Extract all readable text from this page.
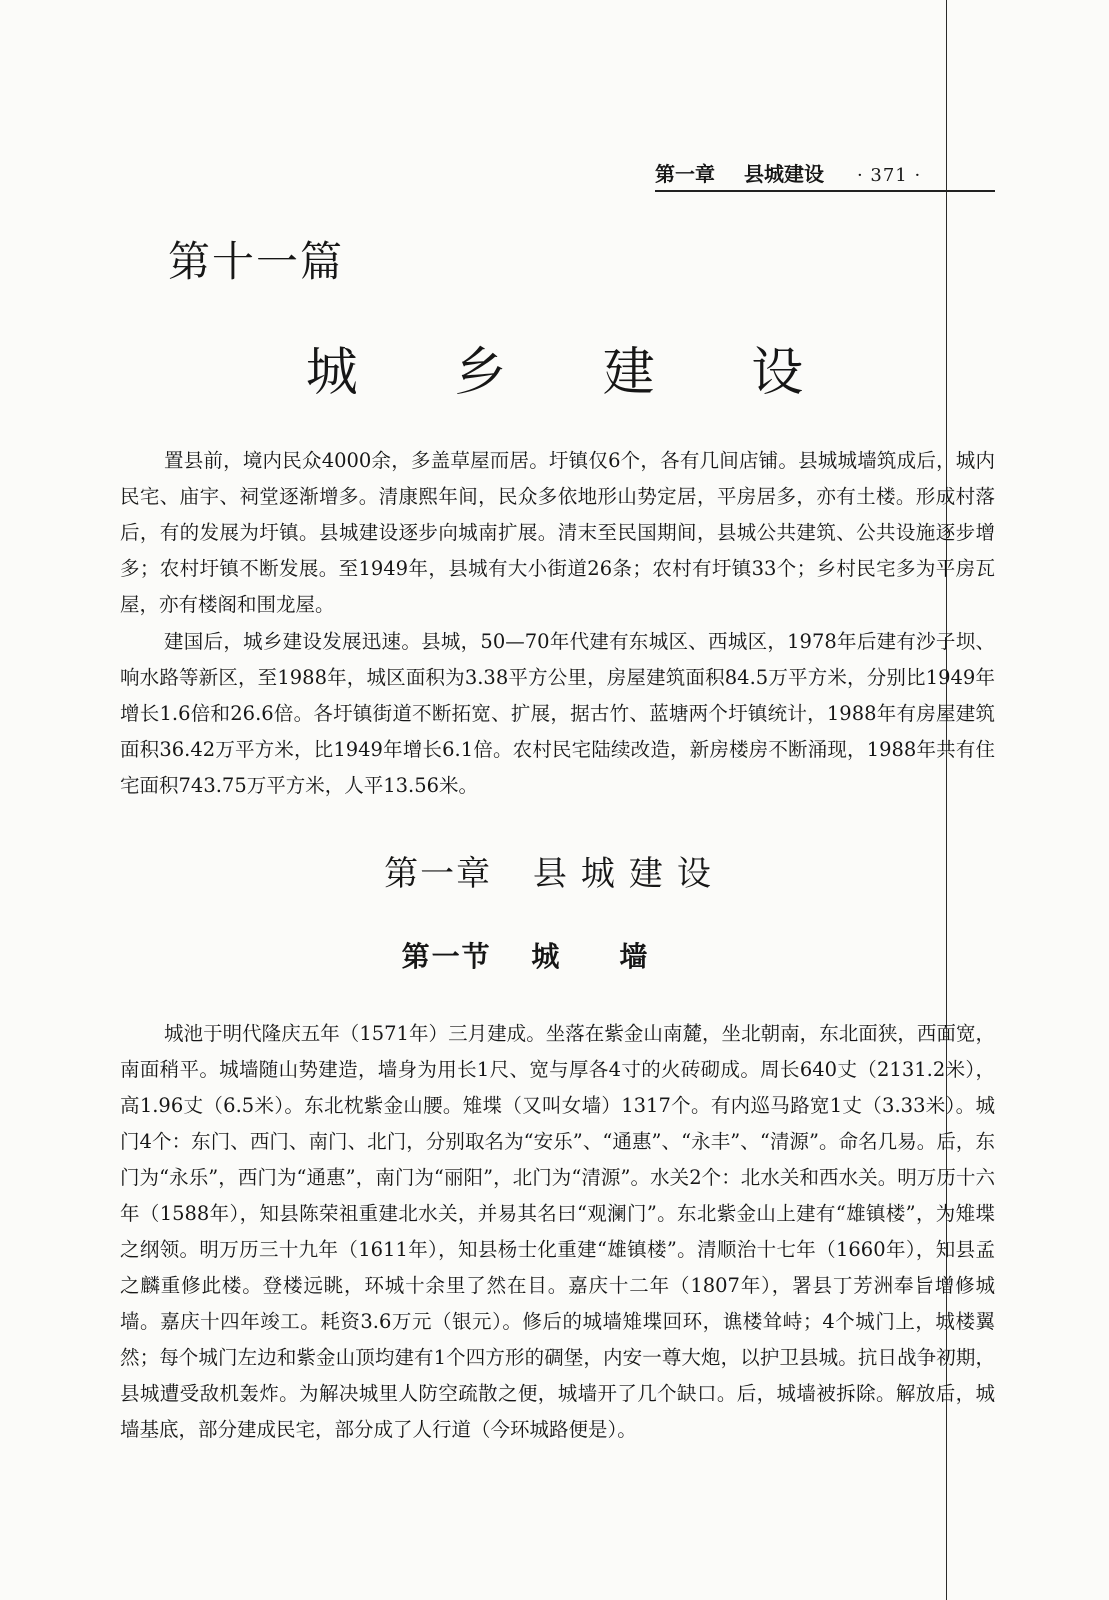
第一章 县城建设 · 371 ·
第十一篇
城 乡 建 设

置县前，境内民众4000余，多盖草屋而居。圩镇仅6个，各有几间店铺。县城城墙筑成后，城内民宅、庙宇、祠堂逐渐增多。清康熙年间，民众多依地形山势定居，平房居多，亦有土楼。形成村落后，有的发展为圩镇。县城建设逐步向城南扩展。清末至民国期间，县城公共建筑、公共设施逐步增多；农村圩镇不断发展。至1949年，县城有大小街道26条；农村有圩镇33个；乡村民宅多为平房瓦屋，亦有楼阁和围龙屋。

建国后，城乡建设发展迅速。县城，50—70年代建有东城区、西城区，1978年后建有沙子坝、响水路等新区，至1988年，城区面积为3.38平方公里，房屋建筑面积84.5万平方米，分别比1949年增长1.6倍和26.6倍。各圩镇街道不断拓宽、扩展，据古竹、蓝塘两个圩镇统计，1988年有房屋建筑面积36.42万平方米，比1949年增长6.1倍。农村民宅陆续改造，新房楼房不断涌现，1988年共有住宅面积743.75万平方米，人平13.56米。

第一章 县城建设
第一节 城墙

城池于明代隆庆五年（1571年）三月建成。坐落在紫金山南麓，坐北朝南，东北面狭，西面宽，南面稍平。城墙随山势建造，墙身为用长1尺、宽与厚各4寸的火砖砌成。周长640丈（2131.2米），高1.96丈（6.5米）。东北枕紫金山腰。雉堞（又叫女墙）1317个。有内巡马路宽1丈（3.33米）。城门4个：东门、西门、南门、北门，分别取名为“安乐”、“通惠”、“永丰”、“清源”。命名几易。后，东门为“永乐”，西门为“通惠”，南门为“丽阳”，北门为“清源”。水关2个：北水关和西水关。明万历十六年（1588年），知县陈荣祖重建北水关，并易其名曰“观澜门”。东北紫金山上建有“雄镇楼”，为雉堞之纲领。明万历三十九年（1611年），知县杨士化重建“雄镇楼”。清顺治十七年（1660年），知县孟之麟重修此楼。登楼远眺，环城十余里了然在目。嘉庆十二年（1807年），署县丁芳洲奉旨增修城墙。嘉庆十四年竣工。耗资3.6万元（银元）。修后的城墙雉堞回环，谯楼耸峙；4个城门上，城楼翼然；每个城门左边和紫金山顶均建有1个四方形的碉堡，内安一尊大炮，以护卫县城。抗日战争初期，县城遭受敌机轰炸。为解决城里人防空疏散之便，城墙开了几个缺口。后，城墙被拆除。解放后，城墙基底，部分建成民宅，部分成了人行道（今环城路便是）。
